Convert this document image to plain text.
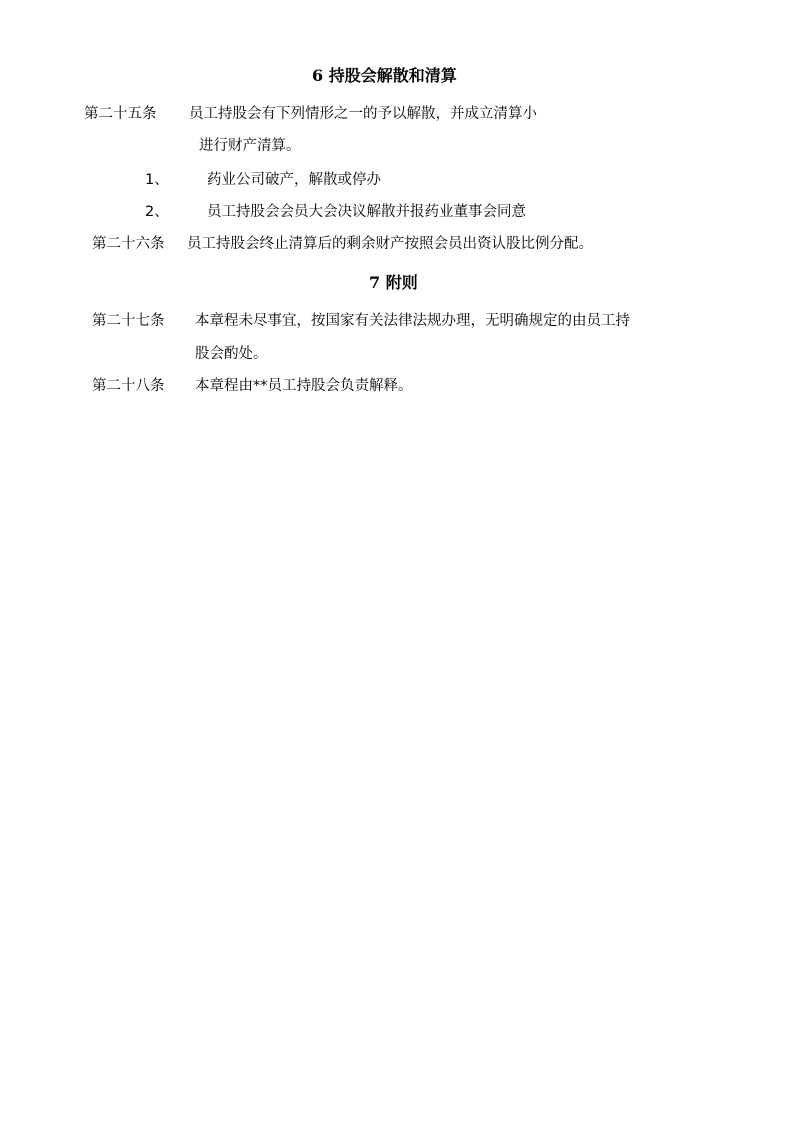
6 持股会解散和清算
第二十五条 员工持股会有下列情形之一的予以解散，并成立清算小
进行财产清算。
1、	药业公司破产，解散或停办
2、	员工持股会会员大会决议解散并报药业董事会同意
第二十六条 员工持股会终止清算后的剩余财产按照会员出资认股比例分配。
7 附则
第二十七条 本章程未尽事宜，按国家有关法律法规办理，无明确规定的由员工持
股会酌处。
第二十八条 本章程由**员工持股会负责解释。
